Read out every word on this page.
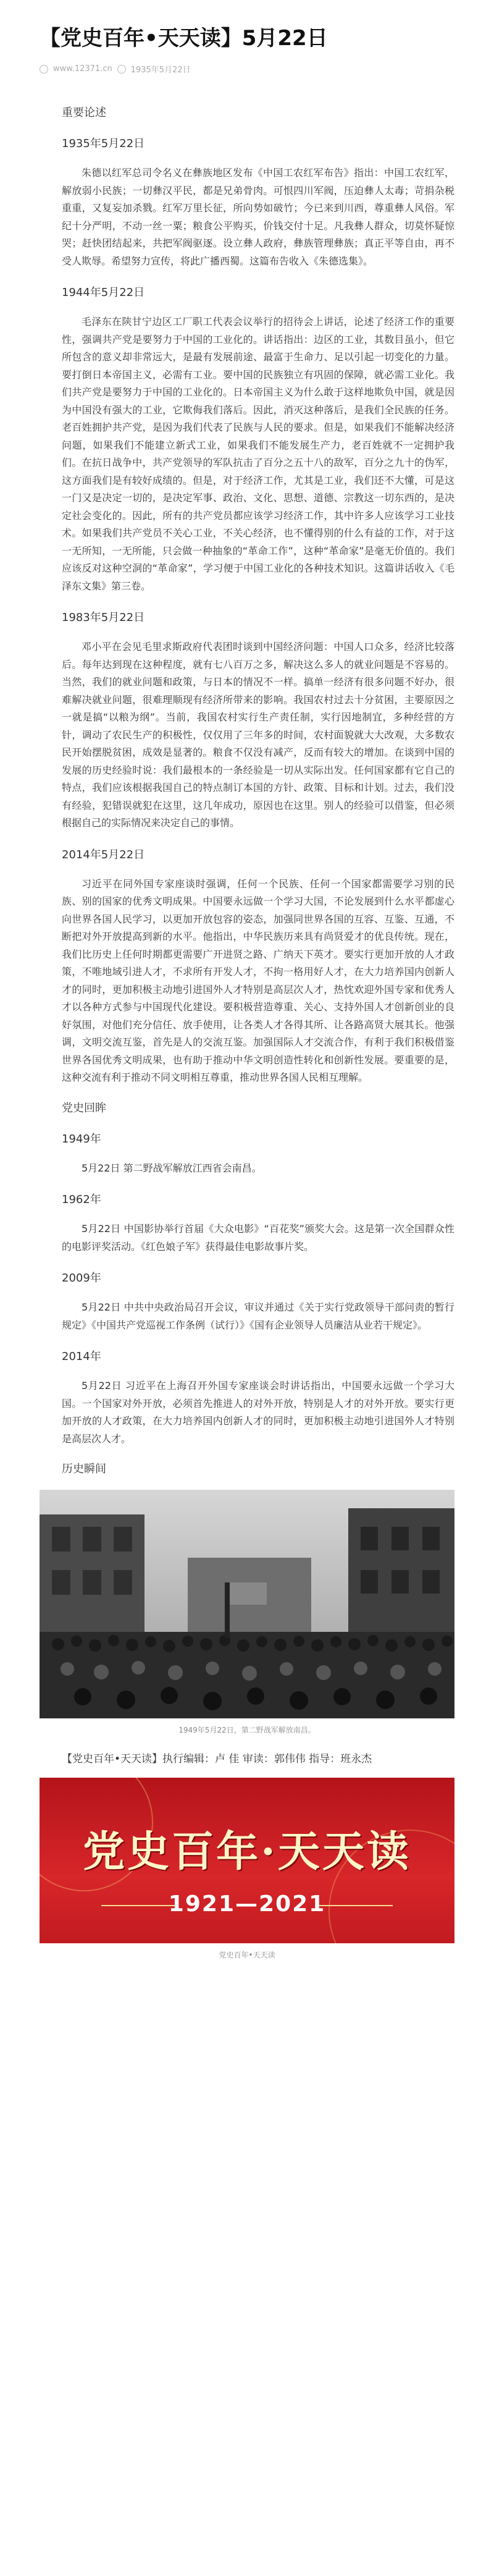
【党史百年•天天读】5月22日
www.12371.cn 1935年5月22日
重要论述
1935年5月22日

朱德以红军总司令名义在彝族地区发布《中国工农红军布告》指出：中国工农红军，解放弱小民族；一切彝汉平民，都是兄弟骨肉。可恨四川军阀，压迫彝人太毒；苛捐杂税重重，又复妄加杀戮。红军万里长征，所向势如破竹；今已来到川西，尊重彝人风俗。军纪十分严明，不动一丝一粟；粮食公平购买，价钱交付十足。凡我彝人群众，切莫怀疑惊哭；赶快团结起来，共把军阀驱逐。设立彝人政府，彝族管理彝族；真正平等自由，再不受人欺辱。希望努力宣传，将此广播西蜀。这篇布告收入《朱德选集》。

1944年5月22日

毛泽东在陕甘宁边区工厂职工代表会议举行的招待会上讲话，论述了经济工作的重要性，强调共产党是要努力于中国的工业化的。讲话指出：边区的工业，其数目虽小，但它所包含的意义却非常远大，是最有发展前途、最富于生命力、足以引起一切变化的力量。要打倒日本帝国主义，必需有工业。要中国的民族独立有巩固的保障，就必需工业化。我们共产党是要努力于中国的工业化的。日本帝国主义为什么敢于这样地欺负中国，就是因为中国没有强大的工业，它欺侮我们落后。因此，消灭这种落后，是我们全民族的任务。老百姓拥护共产党，是因为我们代表了民族与人民的要求。但是，如果我们不能解决经济问题，如果我们不能建立新式工业，如果我们不能发展生产力，老百姓就不一定拥护我们。在抗日战争中，共产党领导的军队抗击了百分之五十八的敌军，百分之九十的伪军，这方面我们是有较好成绩的。但是，对于经济工作，尤其是工业，我们还不大懂，可是这一门又是决定一切的，是决定军事、政治、文化、思想、道德、宗教这一切东西的，是决定社会变化的。因此，所有的共产党员都应该学习经济工作，其中许多人应该学习工业技术。如果我们共产党员不关心工业，不关心经济，也不懂得别的什么有益的工作，对于这一无所知，一无所能，只会做一种抽象的“革命工作”，这种“革命家”是毫无价值的。我们应该反对这种空洞的“革命家”，学习便于中国工业化的各种技术知识。这篇讲话收入《毛泽东文集》第三卷。

1983年5月22日

邓小平在会见毛里求斯政府代表团时谈到中国经济问题：中国人口众多，经济比较落后。每年达到现在这种程度，就有七八百万之多，解决这么多人的就业问题是不容易的。当然，我们的就业问题和政策，与日本的情况不一样。搞单一经济有很多问题不好办，很难解决就业问题，很难理顺现有经济所带来的影响。我国农村过去十分贫困，主要原因之一就是搞“以粮为纲”。当前，我国农村实行生产责任制，实行因地制宜，多种经营的方针，调动了农民生产的积极性，仅仅用了三年多的时间，农村面貌就大大改观，大多数农民开始摆脱贫困，成效是显著的。粮食不仅没有减产，反而有较大的增加。在谈到中国的发展的历史经验时说：我们最根本的一条经验是一切从实际出发。任何国家都有它自己的特点，我们应该根据我国自己的特点制订本国的方针、政策、目标和计划。过去，我们没有经验，犯错误就犯在这里，这几年成功，原因也在这里。别人的经验可以借鉴，但必须根据自己的实际情况来决定自己的事情。

2014年5月22日

习近平在同外国专家座谈时强调，任何一个民族、任何一个国家都需要学习别的民族、别的国家的优秀文明成果。中国要永远做一个学习大国，不论发展到什么水平都虚心向世界各国人民学习，以更加开放包容的姿态，加强同世界各国的互容、互鉴、互通，不断把对外开放提高到新的水平。他指出，中华民族历来具有尚贤爱才的优良传统。现在，我们比历史上任何时期都更需要广开进贤之路、广纳天下英才。要实行更加开放的人才政策，不唯地域引进人才，不求所有开发人才，不拘一格用好人才，在大力培养国内创新人才的同时，更加积极主动地引进国外人才特别是高层次人才，热忱欢迎外国专家和优秀人才以各种方式参与中国现代化建设。要积极营造尊重、关心、支持外国人才创新创业的良好氛围，对他们充分信任、放手使用，让各类人才各得其所、让各路高贤大展其长。他强调，文明交流互鉴，首先是人的交流互鉴。加强国际人才交流合作，有利于我们积极借鉴世界各国优秀文明成果，也有助于推动中华文明创造性转化和创新性发展。要重要的是，这种交流有利于推动不同文明相互尊重，推动世界各国人民相互理解。

党史回眸
1949年

5月22日 第二野战军解放江西省会南昌。

1962年

5月22日 中国影协举行首届《大众电影》“百花奖”颁奖大会。这是第一次全国群众性的电影评奖活动。《红色娘子军》获得最佳电影故事片奖。

2009年

5月22日 中共中央政治局召开会议，审议并通过《关于实行党政领导干部问责的暂行规定》《中国共产党巡视工作条例（试行）》《国有企业领导人员廉洁从业若干规定》。

2014年

5月22日 习近平在上海召开外国专家座谈会时讲话指出，中国要永远做一个学习大国。一个国家对外开放，必须首先推进人的对外开放，特别是人才的对外开放。要实行更加开放的人才政策，在大力培养国内创新人才的同时，更加积极主动地引进国外人才特别是高层次人才。

历史瞬间
1949年5月22日，第二野战军解放南昌。
【党史百年•天天读】执行编辑：卢 佳 审读：郭伟伟 指导：班永杰
党史百年·天天读
1921—2021
党史百年•天天读
